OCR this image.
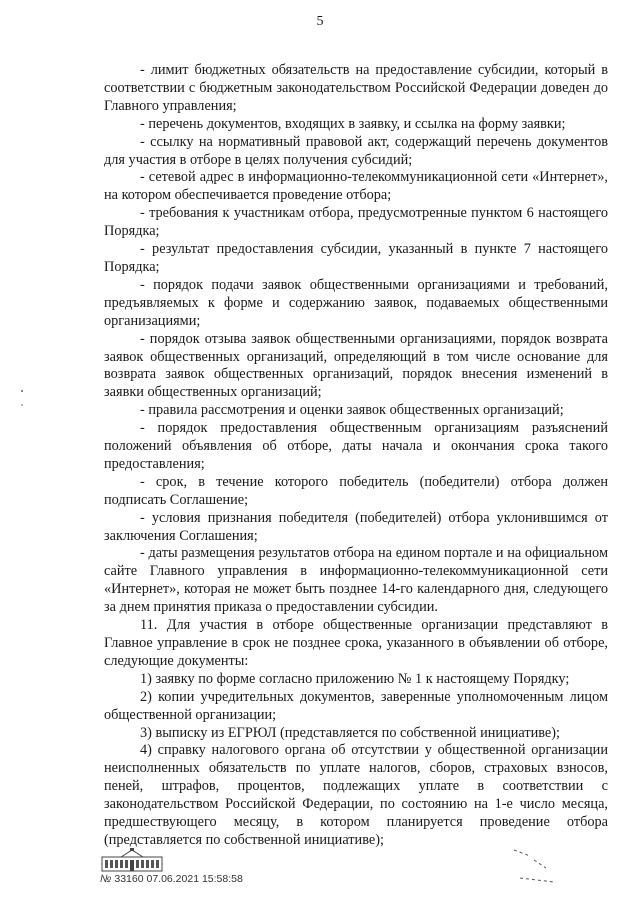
5

- лимит бюджетных обязательств на предоставление субсидии, который в соответствии с бюджетным законодательством Российской Федерации доведен до Главного управления;

- перечень документов, входящих в заявку, и ссылка на форму заявки;

- ссылку на нормативный правовой акт, содержащий перечень документов для участия в отборе в целях получения субсидий;

- сетевой адрес в информационно-телекоммуникационной сети «Интернет», на котором обеспечивается проведение отбора;

- требования к участникам отбора, предусмотренные пунктом 6 настоящего Порядка;

- результат предоставления субсидии, указанный в пункте 7 настоящего Порядка;

- порядок подачи заявок общественными организациями и требований, предъявляемых к форме и содержанию заявок, подаваемых общественными организациями;

- порядок отзыва заявок общественными организациями, порядок возврата заявок общественных организаций, определяющий в том числе основание для возврата заявок общественных организаций, порядок внесения изменений в заявки общественных организаций;

- правила рассмотрения и оценки заявок общественных организаций;

- порядок предоставления общественным организациям разъяснений положений объявления об отборе, даты начала и окончания срока такого предоставления;

- срок, в течение которого победитель (победители) отбора должен подписать Соглашение;

- условия признания победителя (победителей) отбора уклонившимся от заключения Соглашения;

- даты размещения результатов отбора на едином портале и на официальном сайте Главного управления в информационно-телекоммуникационной сети «Интернет», которая не может быть позднее 14-го календарного дня, следующего за днем принятия приказа о предоставлении субсидии.

11. Для участия в отборе общественные организации представляют в Главное управление в срок не позднее срока, указанного в объявлении об отборе, следующие документы:

1) заявку по форме согласно приложению № 1 к настоящему Порядку;

2) копии учредительных документов, заверенные уполномоченным лицом общественной организации;

3) выписку из ЕГРЮЛ (представляется по собственной инициативе);

4) справку налогового органа об отсутствии у общественной организации неисполненных обязательств по уплате налогов, сборов, страховых взносов, пеней, штрафов, процентов, подлежащих уплате в соответствии с законодательством Российской Федерации, по состоянию на 1-е число месяца, предшествующего месяцу, в котором планируется проведение отбора (представляется по собственной инициативе);

№ 33160 07.06.2021 15:58:58
